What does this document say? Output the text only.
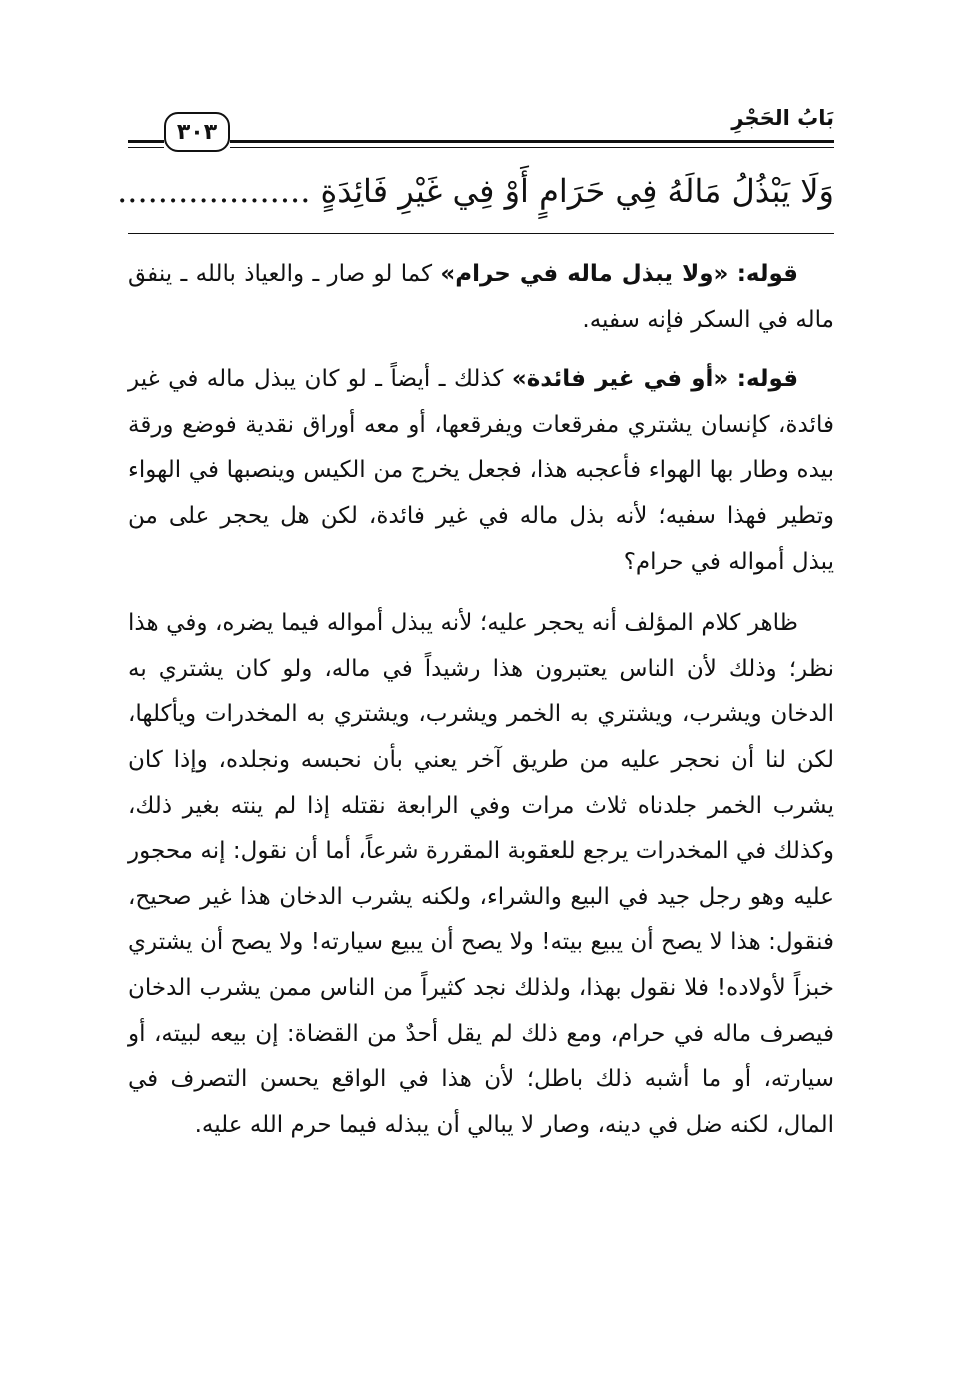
بَابُ الحَجْرِ
٣٠٣
وَلَا يَبْذُلُ مَالَهُ فِي حَرَامٍ أَوْ فِي غَيْرِ فَائِدَةٍ ...................

قوله: «ولا يبذل ماله في حرام» كما لو صار ـ والعياذ بالله ـ ينفق ماله في السكر فإنه سفيه.

قوله: «أو في غير فائدة» كذلك ـ أيضاً ـ لو كان يبذل ماله في غير فائدة، كإنسان يشتري مفرقعات ويفرقعها، أو معه أوراق نقدية فوضع ورقة بيده وطار بها الهواء فأعجبه هذا، فجعل يخرج من الكيس وينصبها في الهواء وتطير فهذا سفيه؛ لأنه بذل ماله في غير فائدة، لكن هل يحجر على من يبذل أمواله في حرام؟

ظاهر كلام المؤلف أنه يحجر عليه؛ لأنه يبذل أمواله فيما يضره، وفي هذا نظر؛ وذلك لأن الناس يعتبرون هذا رشيداً في ماله، ولو كان يشتري به الدخان ويشرب، ويشتري به الخمر ويشرب، ويشتري به المخدرات ويأكلها، لكن لنا أن نحجر عليه من طريق آخر يعني بأن نحبسه ونجلده، وإذا كان يشرب الخمر جلدناه ثلاث مرات وفي الرابعة نقتله إذا لم ينته بغير ذلك، وكذلك في المخدرات يرجع للعقوبة المقررة شرعاً، أما أن نقول: إنه محجور عليه وهو رجل جيد في البيع والشراء، ولكنه يشرب الدخان هذا غير صحيح، فنقول: هذا لا يصح أن يبيع بيته! ولا يصح أن يبيع سيارته! ولا يصح أن يشتري خبزاً لأولاده! فلا نقول بهذا، ولذلك نجد كثيراً من الناس ممن يشرب الدخان فيصرف ماله في حرام، ومع ذلك لم يقل أحدٌ من القضاة: إن بيعه لبيته، أو سيارته، أو ما أشبه ذلك باطل؛ لأن هذا في الواقع يحسن التصرف في المال، لكنه ضل في دينه، وصار لا يبالي أن يبذله فيما حرم الله عليه.
